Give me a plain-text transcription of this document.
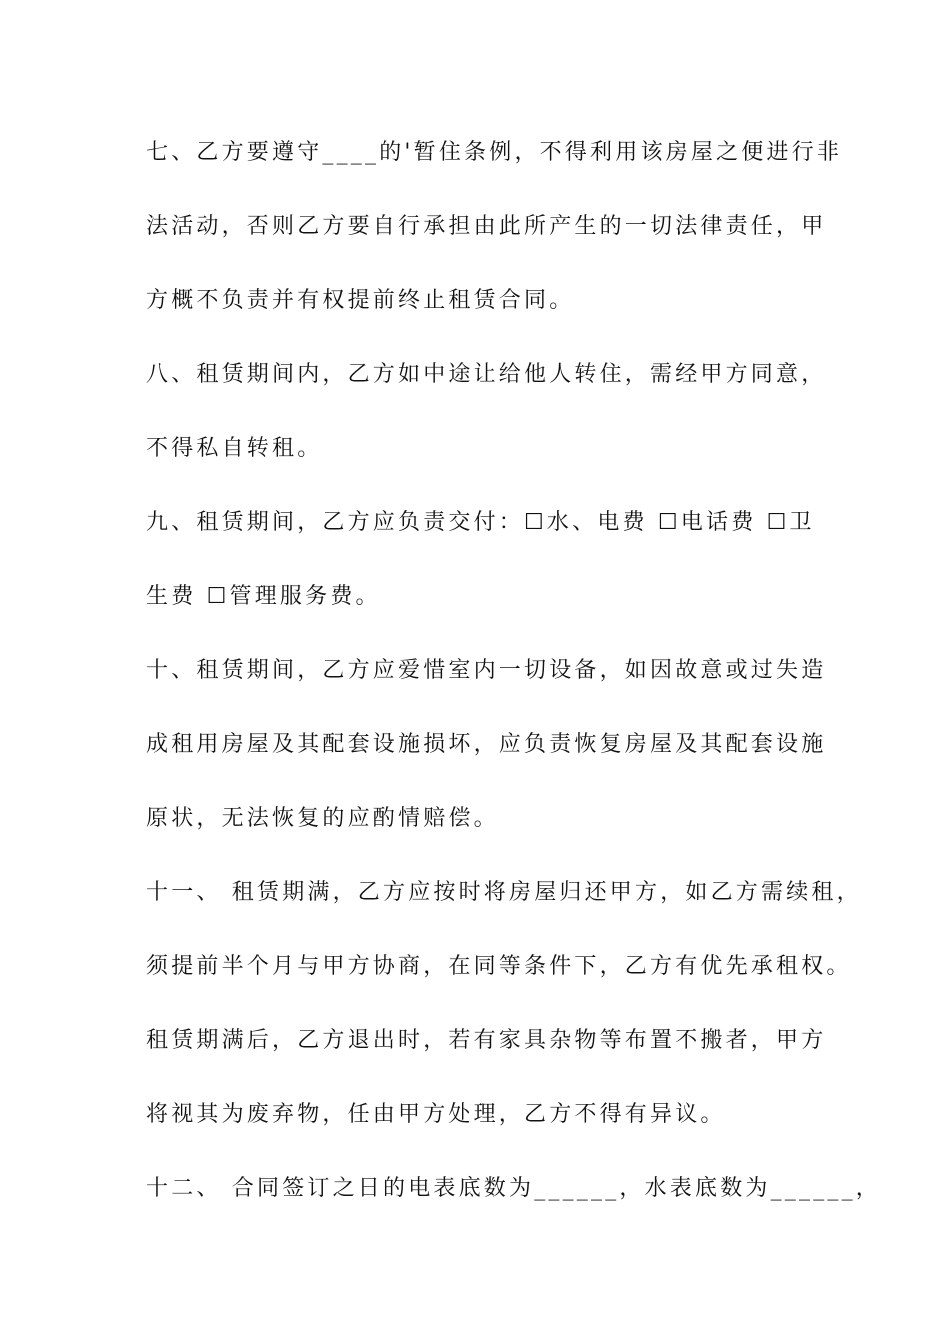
七、乙方要遵守____的'暂住条例，不得利用该房屋之便进行非
法活动，否则乙方要自行承担由此所产生的一切法律责任，甲
方概不负责并有权提前终止租赁合同。
八、租赁期间内，乙方如中途让给他人转住，需经甲方同意，
不得私自转租。
九、租赁期间，乙方应负责交付：☐水、电费 ☐电话费 ☐卫
生费 ☐管理服务费。
十、租赁期间，乙方应爱惜室内一切设备，如因故意或过失造
成租用房屋及其配套设施损坏，应负责恢复房屋及其配套设施
原状，无法恢复的应酌情赔偿。
十一、 租赁期满，乙方应按时将房屋归还甲方，如乙方需续租，
须提前半个月与甲方协商，在同等条件下，乙方有优先承租权。
租赁期满后，乙方退出时，若有家具杂物等布置不搬者，甲方
将视其为废弃物，任由甲方处理，乙方不得有异议。
十二、 合同签订之日的电表底数为______，水表底数为______，
